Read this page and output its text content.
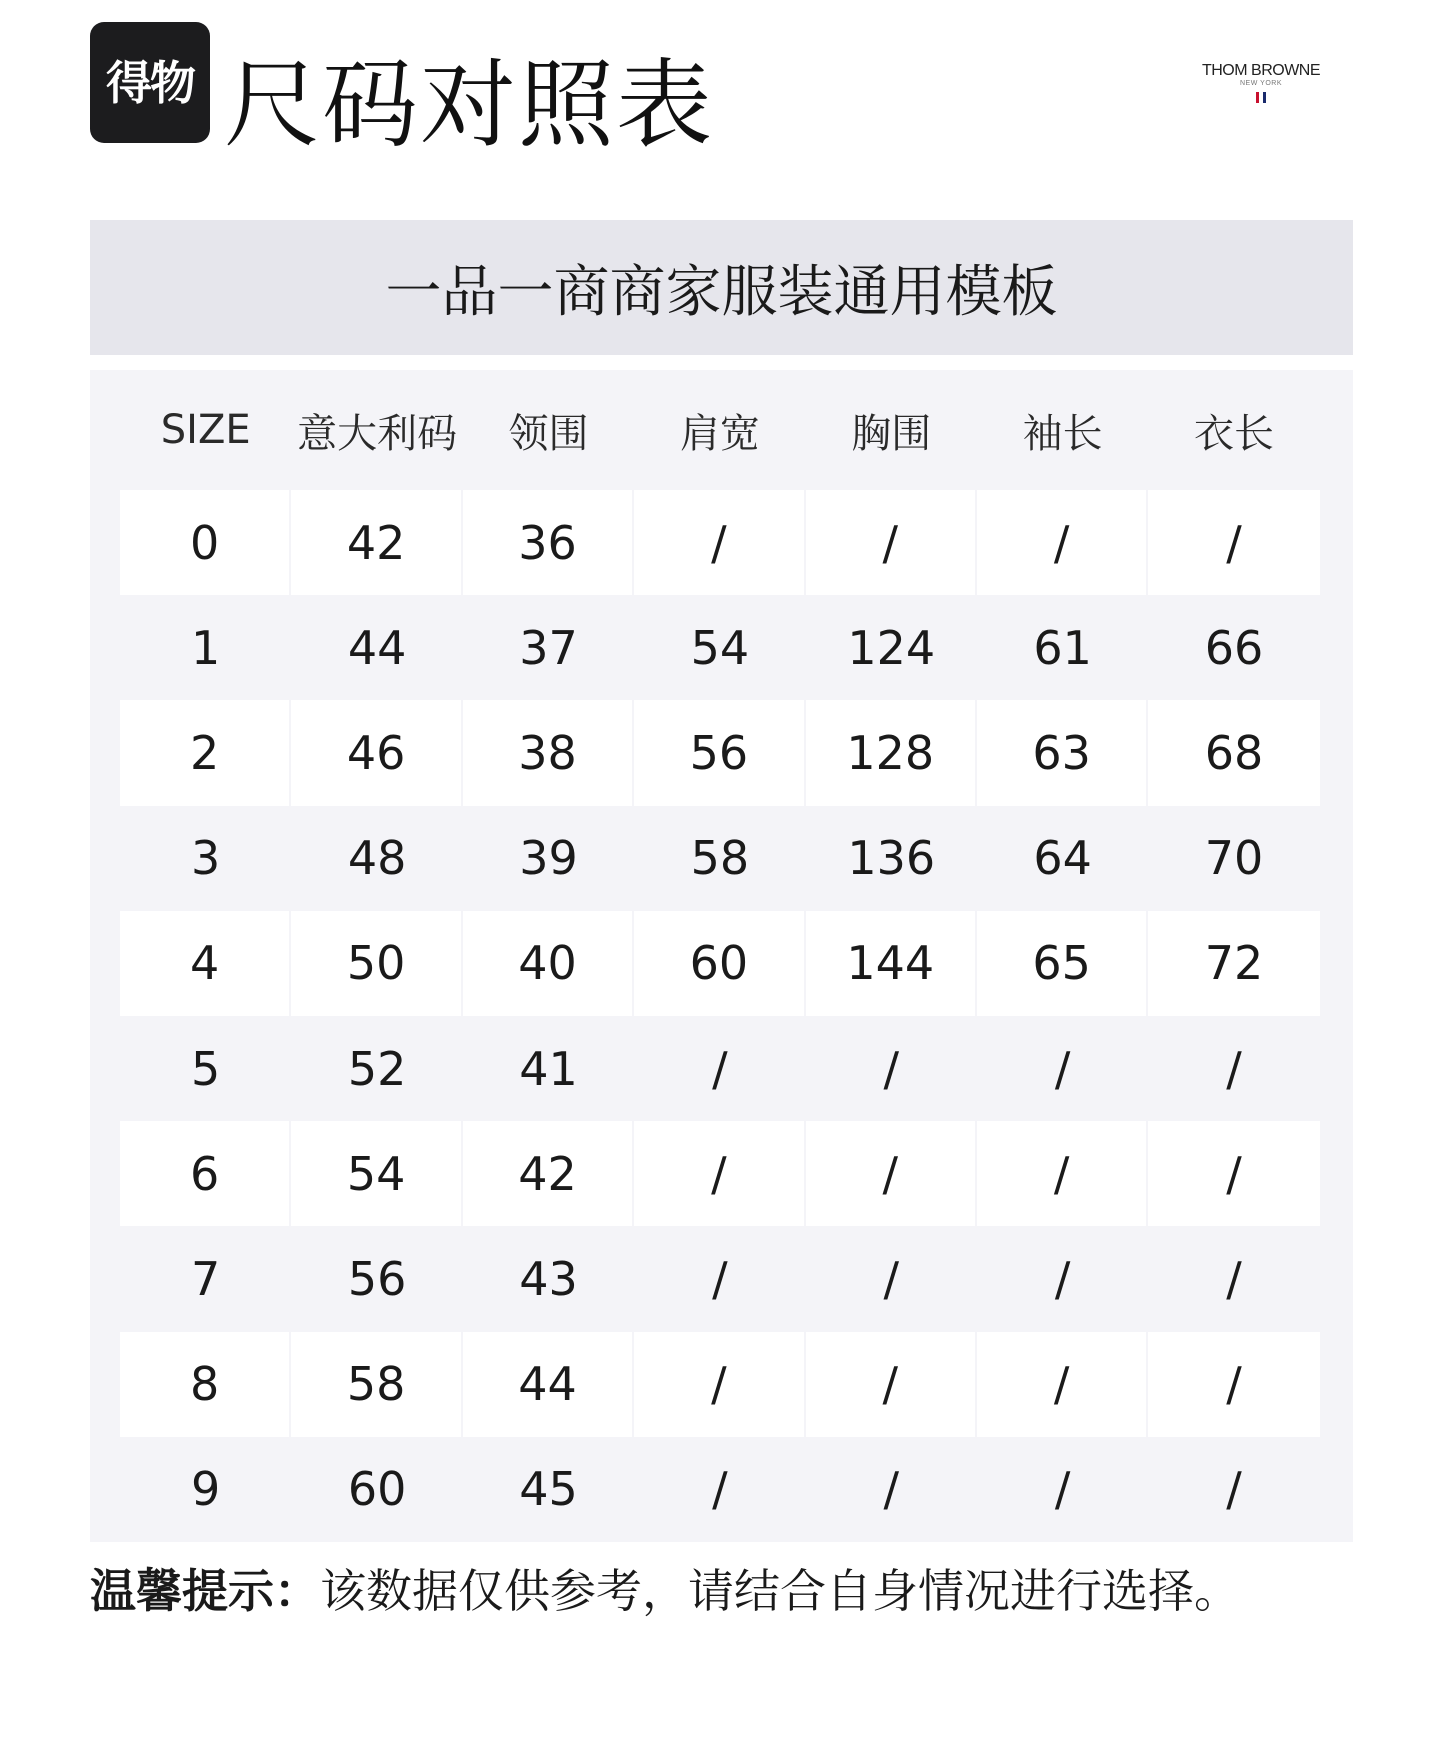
得物 尺码对照表	THOM BROWNE
NEW YORK
一品一商商家服装通用模板
SIZE	意大利码	领围	肩宽	胸围	袖长	衣长
0	42	36	/	/	/	/
1	44	37	54	124	61	66
2	46	38	56	128	63	68
3	48	39	58	136	64	70
4	50	40	60	144	65	72
5	52	41	/	/	/	/
6	54	42	/	/	/	/
7	56	43	/	/	/	/
8	58	44	/	/	/	/
9	60	45	/	/	/	/
温馨提示：该数据仅供参考，请结合自身情况进行选择。
